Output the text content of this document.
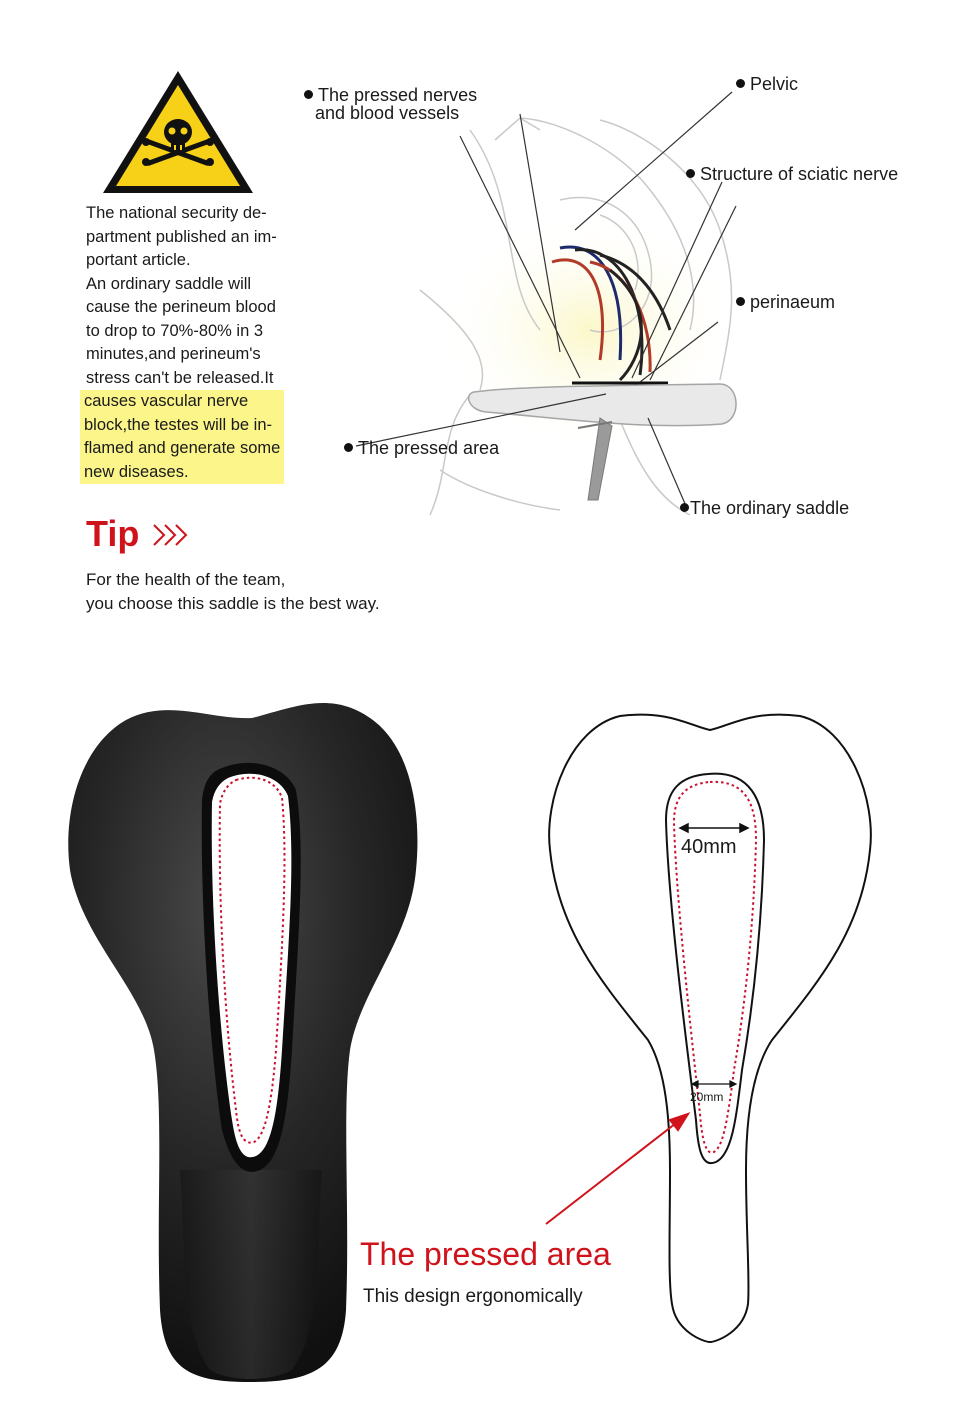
The national security de-
partment published an im-
portant article.
An ordinary saddle will
cause the perineum blood
to drop to 70%-80% in 3
minutes,and perineum's
stress can't be released.It
causes vascular nerve
block,the testes will be in-
flamed and generate some
new diseases.
The pressed nerves
and blood vessels
Pelvic
Structure of sciatic nerve
perinaeum
The pressed area
The ordinary saddle
Tip
For the health of the team,
you choose this saddle is the best way.
40mm
20mm
The pressed area
This design ergonomically
